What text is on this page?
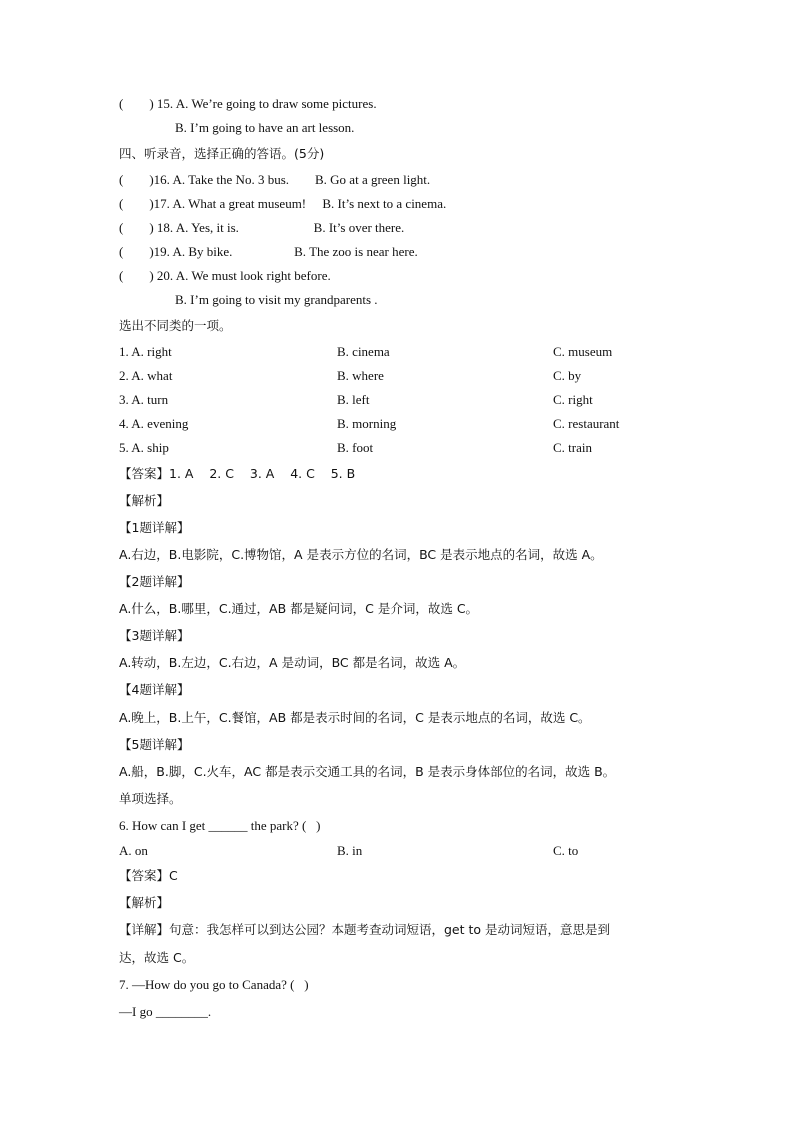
(        ) 15. A. We’re going to draw some pictures.
B. I’m going to have an art lesson.
四、听录音，选择正确的答语。(5分)
(        )16. A. Take the No. 3 bus.        B. Go at a green light.
(        )17. A. What a great museum!     B. It’s next to a cinema.
(        ) 18. A. Yes, it is.                       B. It’s over there.
(        )19. A. By bike.                   B. The zoo is near here.
(        ) 20. A. We must look right before.
B. I’m going to visit my grandparents .
选出不同类的一项。
1. A. right	B. cinema	C. museum
2. A. what	B. where	C. by
3. A. turn	B. left	C. right
4. A. evening	B. morning	C. restaurant
5. A. ship	B. foot	C. train
【答案】1. A    2. C    3. A    4. C    5. B
【解析】
【1题详解】
A.右边，B.电影院，C.博物馆，A 是表示方位的名词，BC 是表示地点的名词，故选 A。
【2题详解】
A.什么，B.哪里，C.通过，AB 都是疑问词，C 是介词，故选 C。
【3题详解】
A.转动，B.左边，C.右边，A 是动词，BC 都是名词，故选 A。
【4题详解】
A.晚上，B.上午，C.餐馆，AB 都是表示时间的名词，C 是表示地点的名词，故选 C。
【5题详解】
A.船，B.脚，C.火车，AC 都是表示交通工具的名词，B 是表示身体部位的名词，故选 B。
单项选择。
6. How can I get ______ the park? (   )
A. on	B. in	C. to
【答案】C
【解析】
【详解】句意：我怎样可以到达公园？本题考查动词短语，get to 是动词短语，意思是到
达，故选 C。
7. —How do you go to Canada? (   )
—I go ________.
